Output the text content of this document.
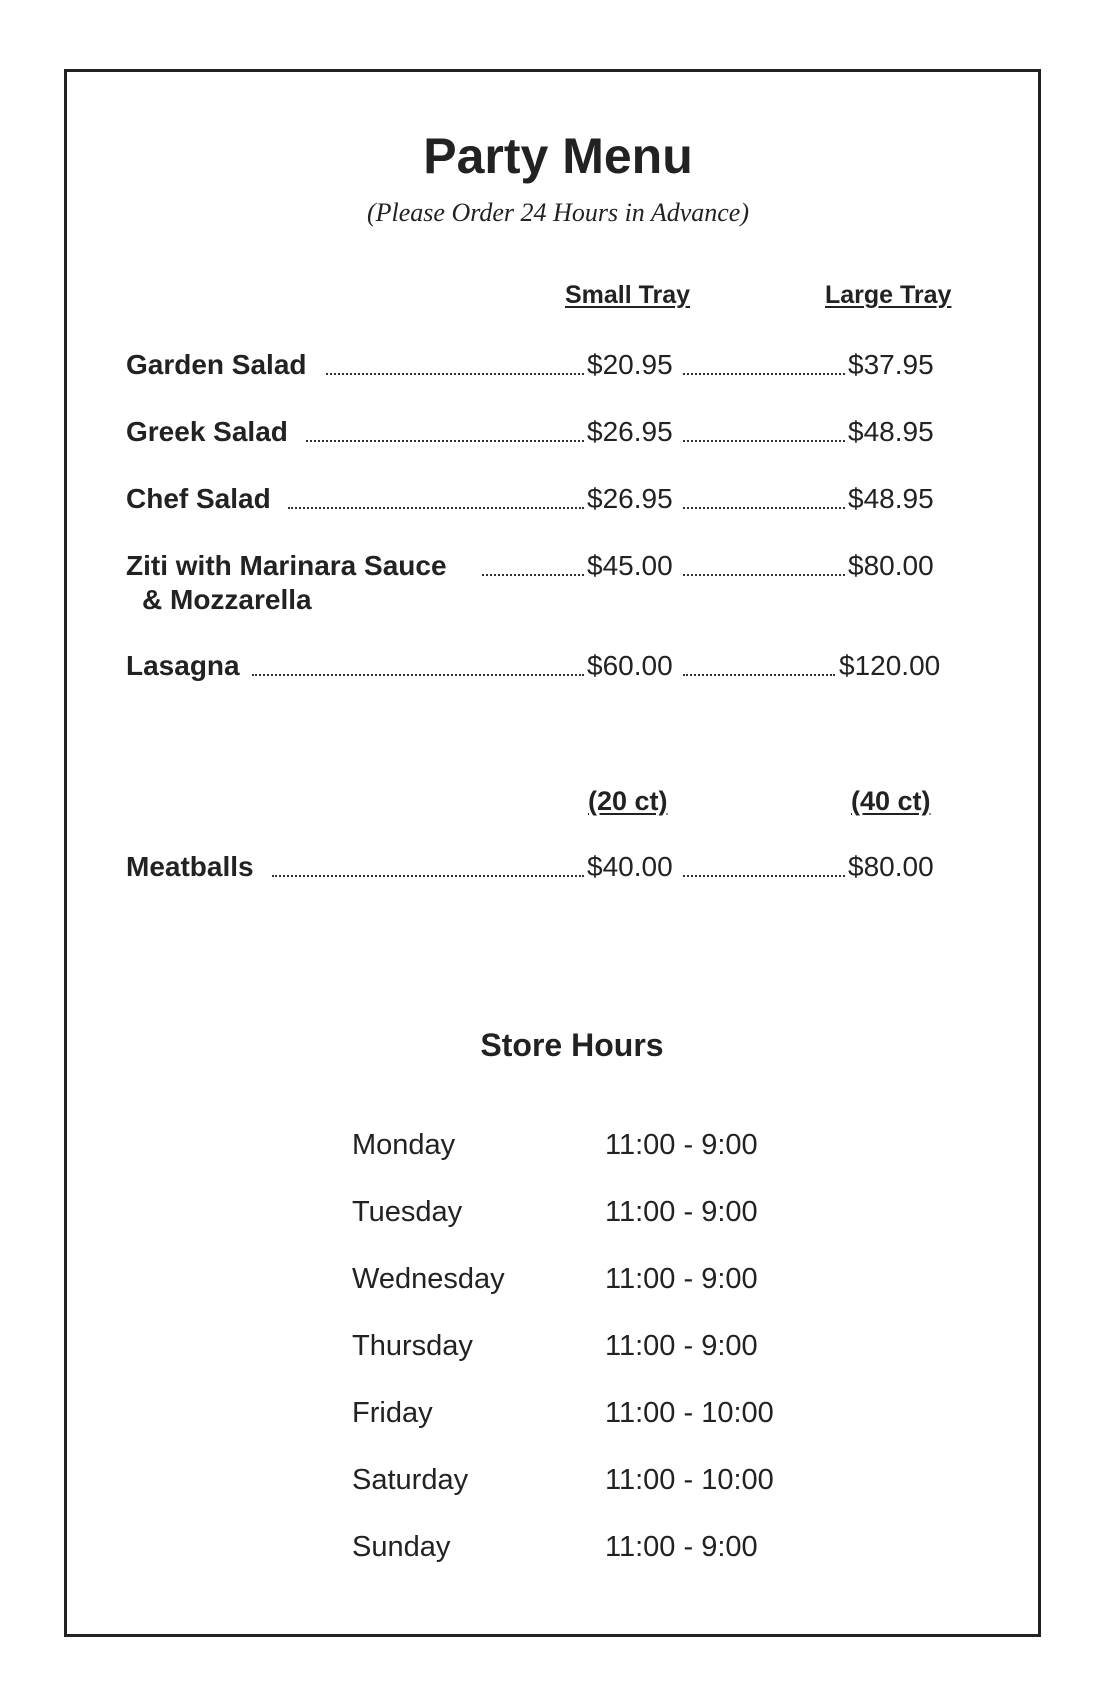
Party Menu
(Please Order 24 Hours in Advance)
Small Tray	Large Tray
Garden Salad	$20.95	$37.95
Greek Salad	$26.95	$48.95
Chef Salad	$26.95	$48.95
Ziti with Marinara Sauce
& Mozzarella
$45.00	$80.00
Lasagna	$60.00	$120.00
(20 ct)	(40 ct)
Meatballs	$40.00	$80.00
Store Hours
Monday	11:00 - 9:00
Tuesday	11:00 - 9:00
Wednesday	11:00 - 9:00
Thursday	11:00 - 9:00
Friday	11:00 - 10:00
Saturday	11:00 - 10:00
Sunday	11:00 - 9:00
